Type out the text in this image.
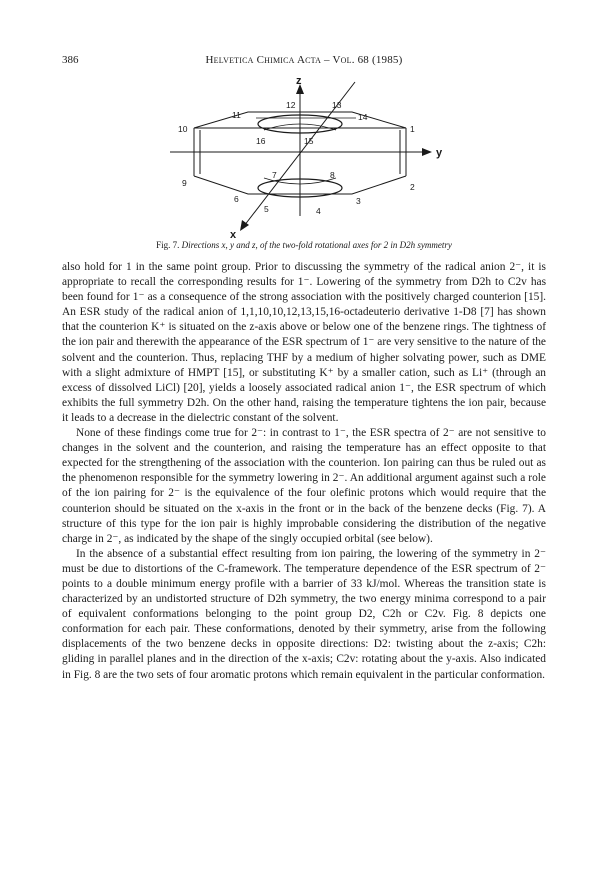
386	Helvetica Chimica Acta – Vol. 68 (1985)
z
y
x
1
2
3
4
5
6
7	8
9
10
11
12	13
14
15
16
Fig. 7. Directions x, y and z, of the two-fold rotational axes for 2 in D2h symmetry

also hold for 1 in the same point group. Prior to discussing the symmetry of the radical anion 2⁻, it is appropriate to recall the corresponding results for 1⁻. Lowering of the symmetry from D2h to C2v has been found for 1⁻ as a consequence of the strong association with the positively charged counterion [15]. An ESR study of the radical anion of 1,1,10,10,12,13,15,16-octadeuterio derivative 1-D8 [7] has shown that the counterion K⁺ is situated on the z-axis above or below one of the benzene rings. The tightness of the ion pair and therewith the appearance of the ESR spectrum of 1⁻ are very sensitive to the nature of the solvent and the counterion. Thus, replacing THF by a medium of higher solvating power, such as DME with a slight admixture of HMPT [15], or substituting K⁺ by a smaller cation, such as Li⁺ (through an excess of dissolved LiCl) [20], yields a loosely associated radical anion 1⁻, the ESR spectrum of which exhibits the full symmetry D2h. On the other hand, raising the temperature tightens the ion pair, because it leads to a decrease in the dielectric constant of the solvent.

None of these findings come true for 2⁻: in contrast to 1⁻, the ESR spectra of 2⁻ are not sensitive to changes in the solvent and the counterion, and raising the temperature has an effect opposite to that expected for the strengthening of the association with the counterion. Ion pairing can thus be ruled out as the phenomenon responsible for the symmetry lowering in 2⁻. An additional argument against such a role of the ion pairing for 2⁻ is the equivalence of the four olefinic protons which would require that the counterion should be situated on the x-axis in the front or in the back of the benzene decks (Fig. 7). A structure of this type for the ion pair is highly improbable considering the distribution of the negative charge in 2⁻, as indicated by the shape of the singly occupied orbital (see below).

In the absence of a substantial effect resulting from ion pairing, the lowering of the symmetry in 2⁻ must be due to distortions of the C-framework. The temperature dependence of the ESR spectrum of 2⁻ points to a double minimum energy profile with a barrier of 33 kJ/mol. Whereas the transition state is characterized by an undistorted structure of D2h symmetry, the two energy minima correspond to a pair of equivalent conformations belonging to the point group D2, C2h or C2v. Fig. 8 depicts one conformation for each pair. These conformations, denoted by their symmetry, arise from the following displacements of the two benzene decks in opposite directions: D2: twisting about the z-axis; C2h: gliding in parallel planes and in the direction of the x-axis; C2v: rotating about the y-axis. Also indicated in Fig. 8 are the two sets of four aromatic protons which remain equivalent in the particular conformation.
